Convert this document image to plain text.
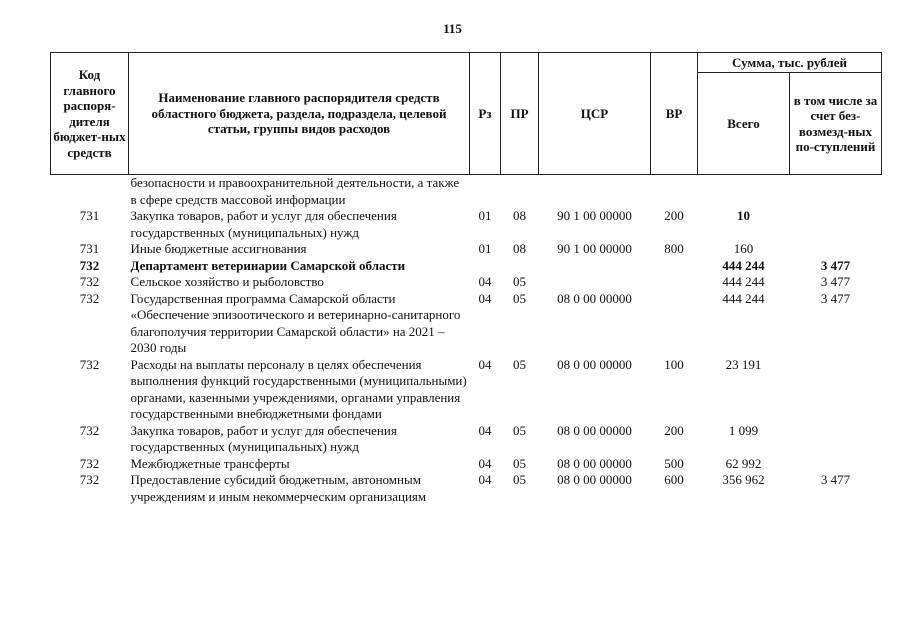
115
Код главного распоря-дителя бюджет-ных средств	Наименование главного распорядителя средств областного бюджета, раздела, подраздела, целевой статьи, группы видов расходов	Рз	ПР	ЦСР	ВР	Сумма, тыс. рублей	
						Всего	в том числе за счет без-возмезд-ных по-ступлений
	безопасности и правоохранительной деятельности, а также в сфере средств массовой информации						
731	Закупка товаров, работ и услуг для обеспечения государственных (муниципальных) нужд	01	08	90 1 00 00000	200	10	
731	Иные бюджетные ассигнования	01	08	90 1 00 00000	800	160	
732	Департамент ветеринарии Самарской области					444 244	3 477
732	Сельское хозяйство и рыболовство	04	05			444 244	3 477
732	Государственная программа Самарской области «Обеспечение эпизоотического и ветеринарно-санитарного благополучия территории Самарской области» на 2021 – 2030 годы	04	05	08 0 00 00000		444 244	3 477
732	Расходы на выплаты персоналу в целях обеспечения выполнения функций государственными (муниципальными) органами, казенными учреждениями, органами управления государственными внебюджетными фондами	04	05	08 0 00 00000	100	23 191	
732	Закупка товаров, работ и услуг для обеспечения государственных (муниципальных) нужд	04	05	08 0 00 00000	200	1 099	
732	Межбюджетные трансферты	04	05	08 0 00 00000	500	62 992	
732	Предоставление субсидий бюджетным, автономным учреждениям и иным некоммерческим организациям	04	05	08 0 00 00000	600	356 962	3 477
